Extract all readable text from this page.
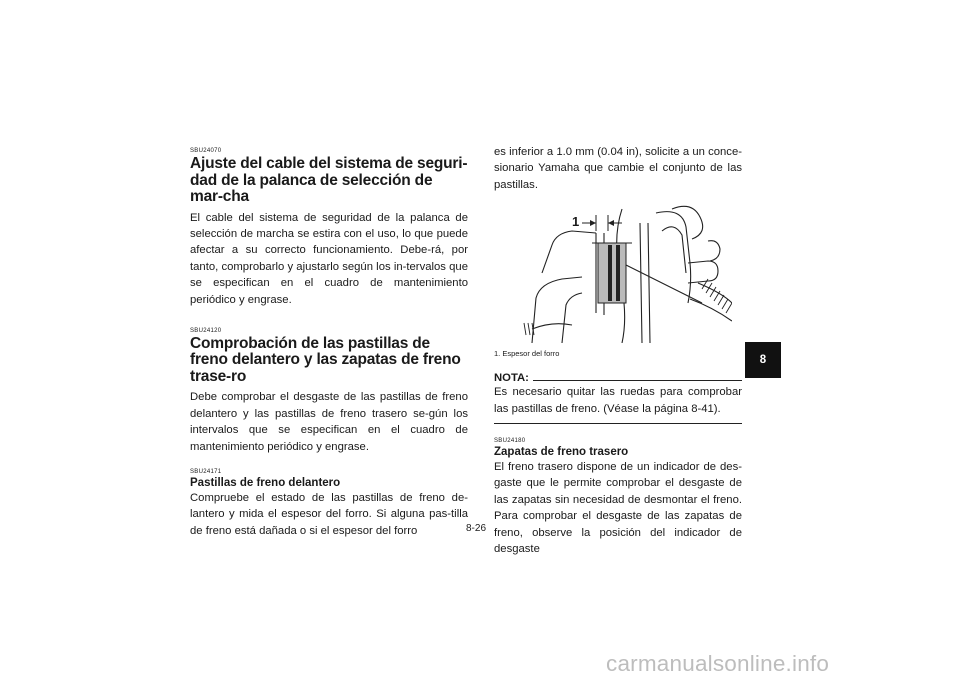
SBU24070

Ajuste del cable del sistema de seguri-dad de la palanca de selección de mar-cha

El cable del sistema de seguridad de la palanca de selección de marcha se estira con el uso, lo que puede afectar a su correcto funcionamiento. Debe-rá, por tanto, comprobarlo y ajustarlo según los in-tervalos que se especifican en el cuadro de mantenimiento periódico y engrase.

SBU24120

Comprobación de las pastillas de freno delantero y las zapatas de freno trase-ro

Debe comprobar el desgaste de las pastillas de freno delantero y las pastillas de freno trasero se-gún los intervalos que se especifican en el cuadro de mantenimiento periódico y engrase.

SBU24171

Pastillas de freno delantero

Compruebe el estado de las pastillas de freno de-lantero y mida el espesor del forro. Si alguna pas-tilla de freno está dañada o si el espesor del forro

es inferior a 1.0 mm (0.04 in), solicite a un conce-sionario Yamaha que cambie el conjunto de las pastillas.

1

1. Espesor del forro

NOTA:

Es necesario quitar las ruedas para comprobar las pastillas de freno. (Véase la página 8-41).

SBU24180

Zapatas de freno trasero

El freno trasero dispone de un indicador de des-gaste que le permite comprobar el desgaste de las zapatas sin necesidad de desmontar el freno. Para comprobar el desgaste de las zapatas de freno, observe la posición del indicador de desgaste

8-26
8
carmanualsonline.info
